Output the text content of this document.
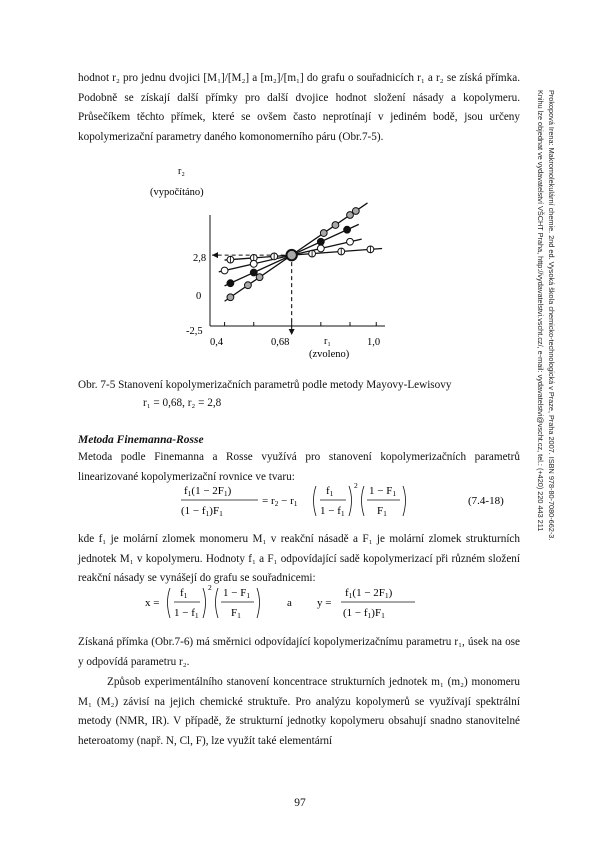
hodnot r₂ pro jednu dvojici [M₁]/[M₂] a [m₂]/[m₁] do grafu o souřadnicích r₁ a r₂ se získá přímka. Podobně se získají další přímky pro další dvojice hodnot složení násady a kopolymeru. Průsečíkem těchto přímek, které se ovšem často neprotínají v jediném bodě, jsou určeny kopolymerizační parametry daného komonomerního páru (Obr.7-5).
r₂
(vypočítáno)
2,8
0
-2,5
0,4	0,68	1,0
r₁
(zvoleno)
Obr. 7-5 Stanovení kopolymerizačních parametrů podle metody Mayovy-Lewisovy
r₁ = 0,68, r₂ = 2,8
Metoda Finemanna-Rosse
Metoda podle Finemanna a Rosse využívá pro stanovení kopolymerizačních parametrů linearizované kopolymerizační rovnice ve tvaru:
f1(1 − 2F1)
(1 − f1)F1
= r2 − r1
f1
1 − f1
2 1 − F1
F1
(7.4-18)
kde f₁ je molární zlomek monomeru M₁ v reakční násadě a F₁ je molární zlomek strukturních jednotek M₁ v kopolymeru. Hodnoty f₁ a F₁ odpovídající sadě kopolymerizací při různém složení reakční násady se vynášejí do grafu se souřadnicemi:
x =
f1
1 − f1
2 1 − F1
F1
a y =
f1(1 − 2F1)
(1 − f1)F1
Získaná přímka (Obr.7-6) má směrnici odpovídající kopolymerizačnímu parametru r₁, úsek na ose y odpovídá parametru r₂.
Způsob experimentálního stanovení koncentrace strukturních jednotek m₁ (m₂) monomeru M₁ (M₂) závisí na jejich chemické struktuře. Pro analýzu kopolymerů se využívají spektrální metody (NMR, IR). V případě, že strukturní jednotky kopolymeru obsahují snadno stanovitelné heteroatomy (např. N, Cl, F), lze využít také elementární
97
Prokopová Irena: Makromolekulární chemie. 2nd ed. Vysoká škola chemicko-technologická v Praze, Praha 2007. ISBN 978-80-7080-662-3.
Knihu lze objednat ve vydavatelství VŠCHT Praha, http://vydavatelstvi.vscht.cz/, e-mail: vydavatelstvi@vscht.cz, tel.: (+420) 220 443 211
